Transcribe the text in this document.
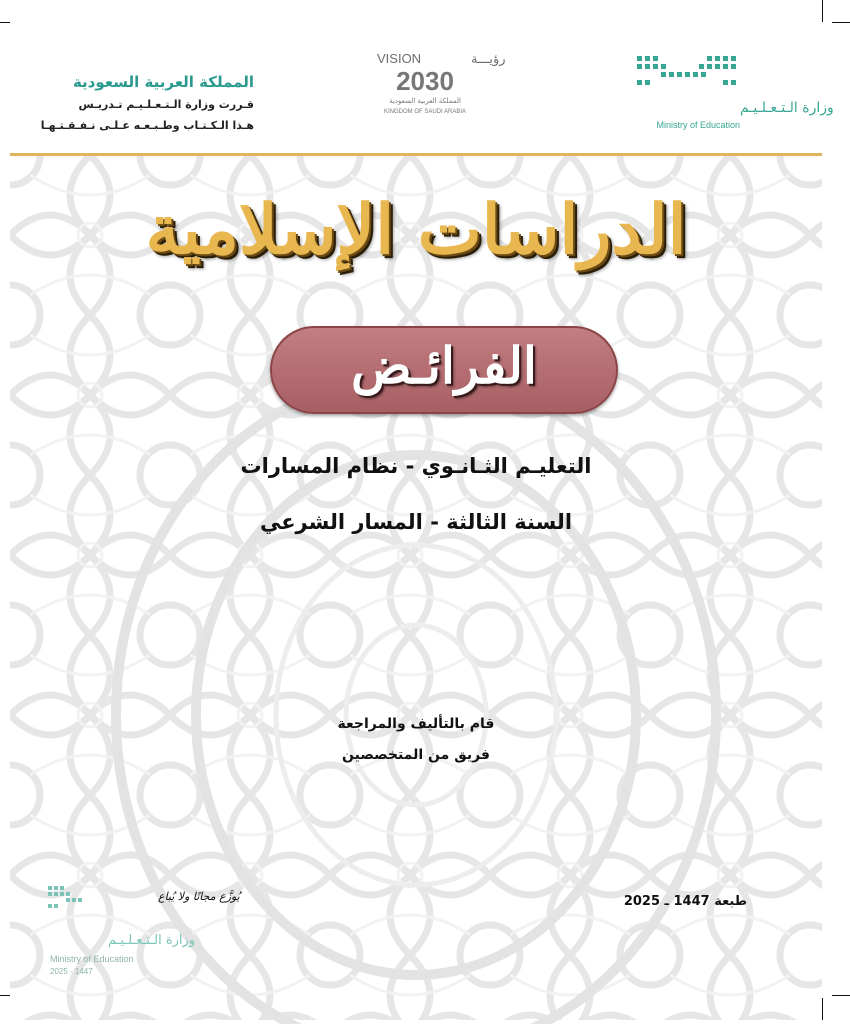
المملكة العربية السعودية
قـررت وزارة الـتـعـلـيـم تـدريـس
هـذا الـكـتـاب وطـبـعـه عـلـى نـفـقـتـهـا
VISION	رؤيـــة
2030
المملكة العربية السعودية
KINGDOM OF SAUDI ARABIA	وزارة الـتـعـلـيـم
Ministry of Education
الدراسات الإسلامية
الفرائـض
التعليـم الثـانـوي - نظام المسارات
السنة الثالثة - المسار الشرعي
قام بالتأليف والمراجعة
فريق من المتخصصين
طبعة 1447 ـ 2025
يُوزَّع مجانًا ولا يُباع
وزارة الـتـعـلـيـم
Ministry of Education
2025 - 1447
